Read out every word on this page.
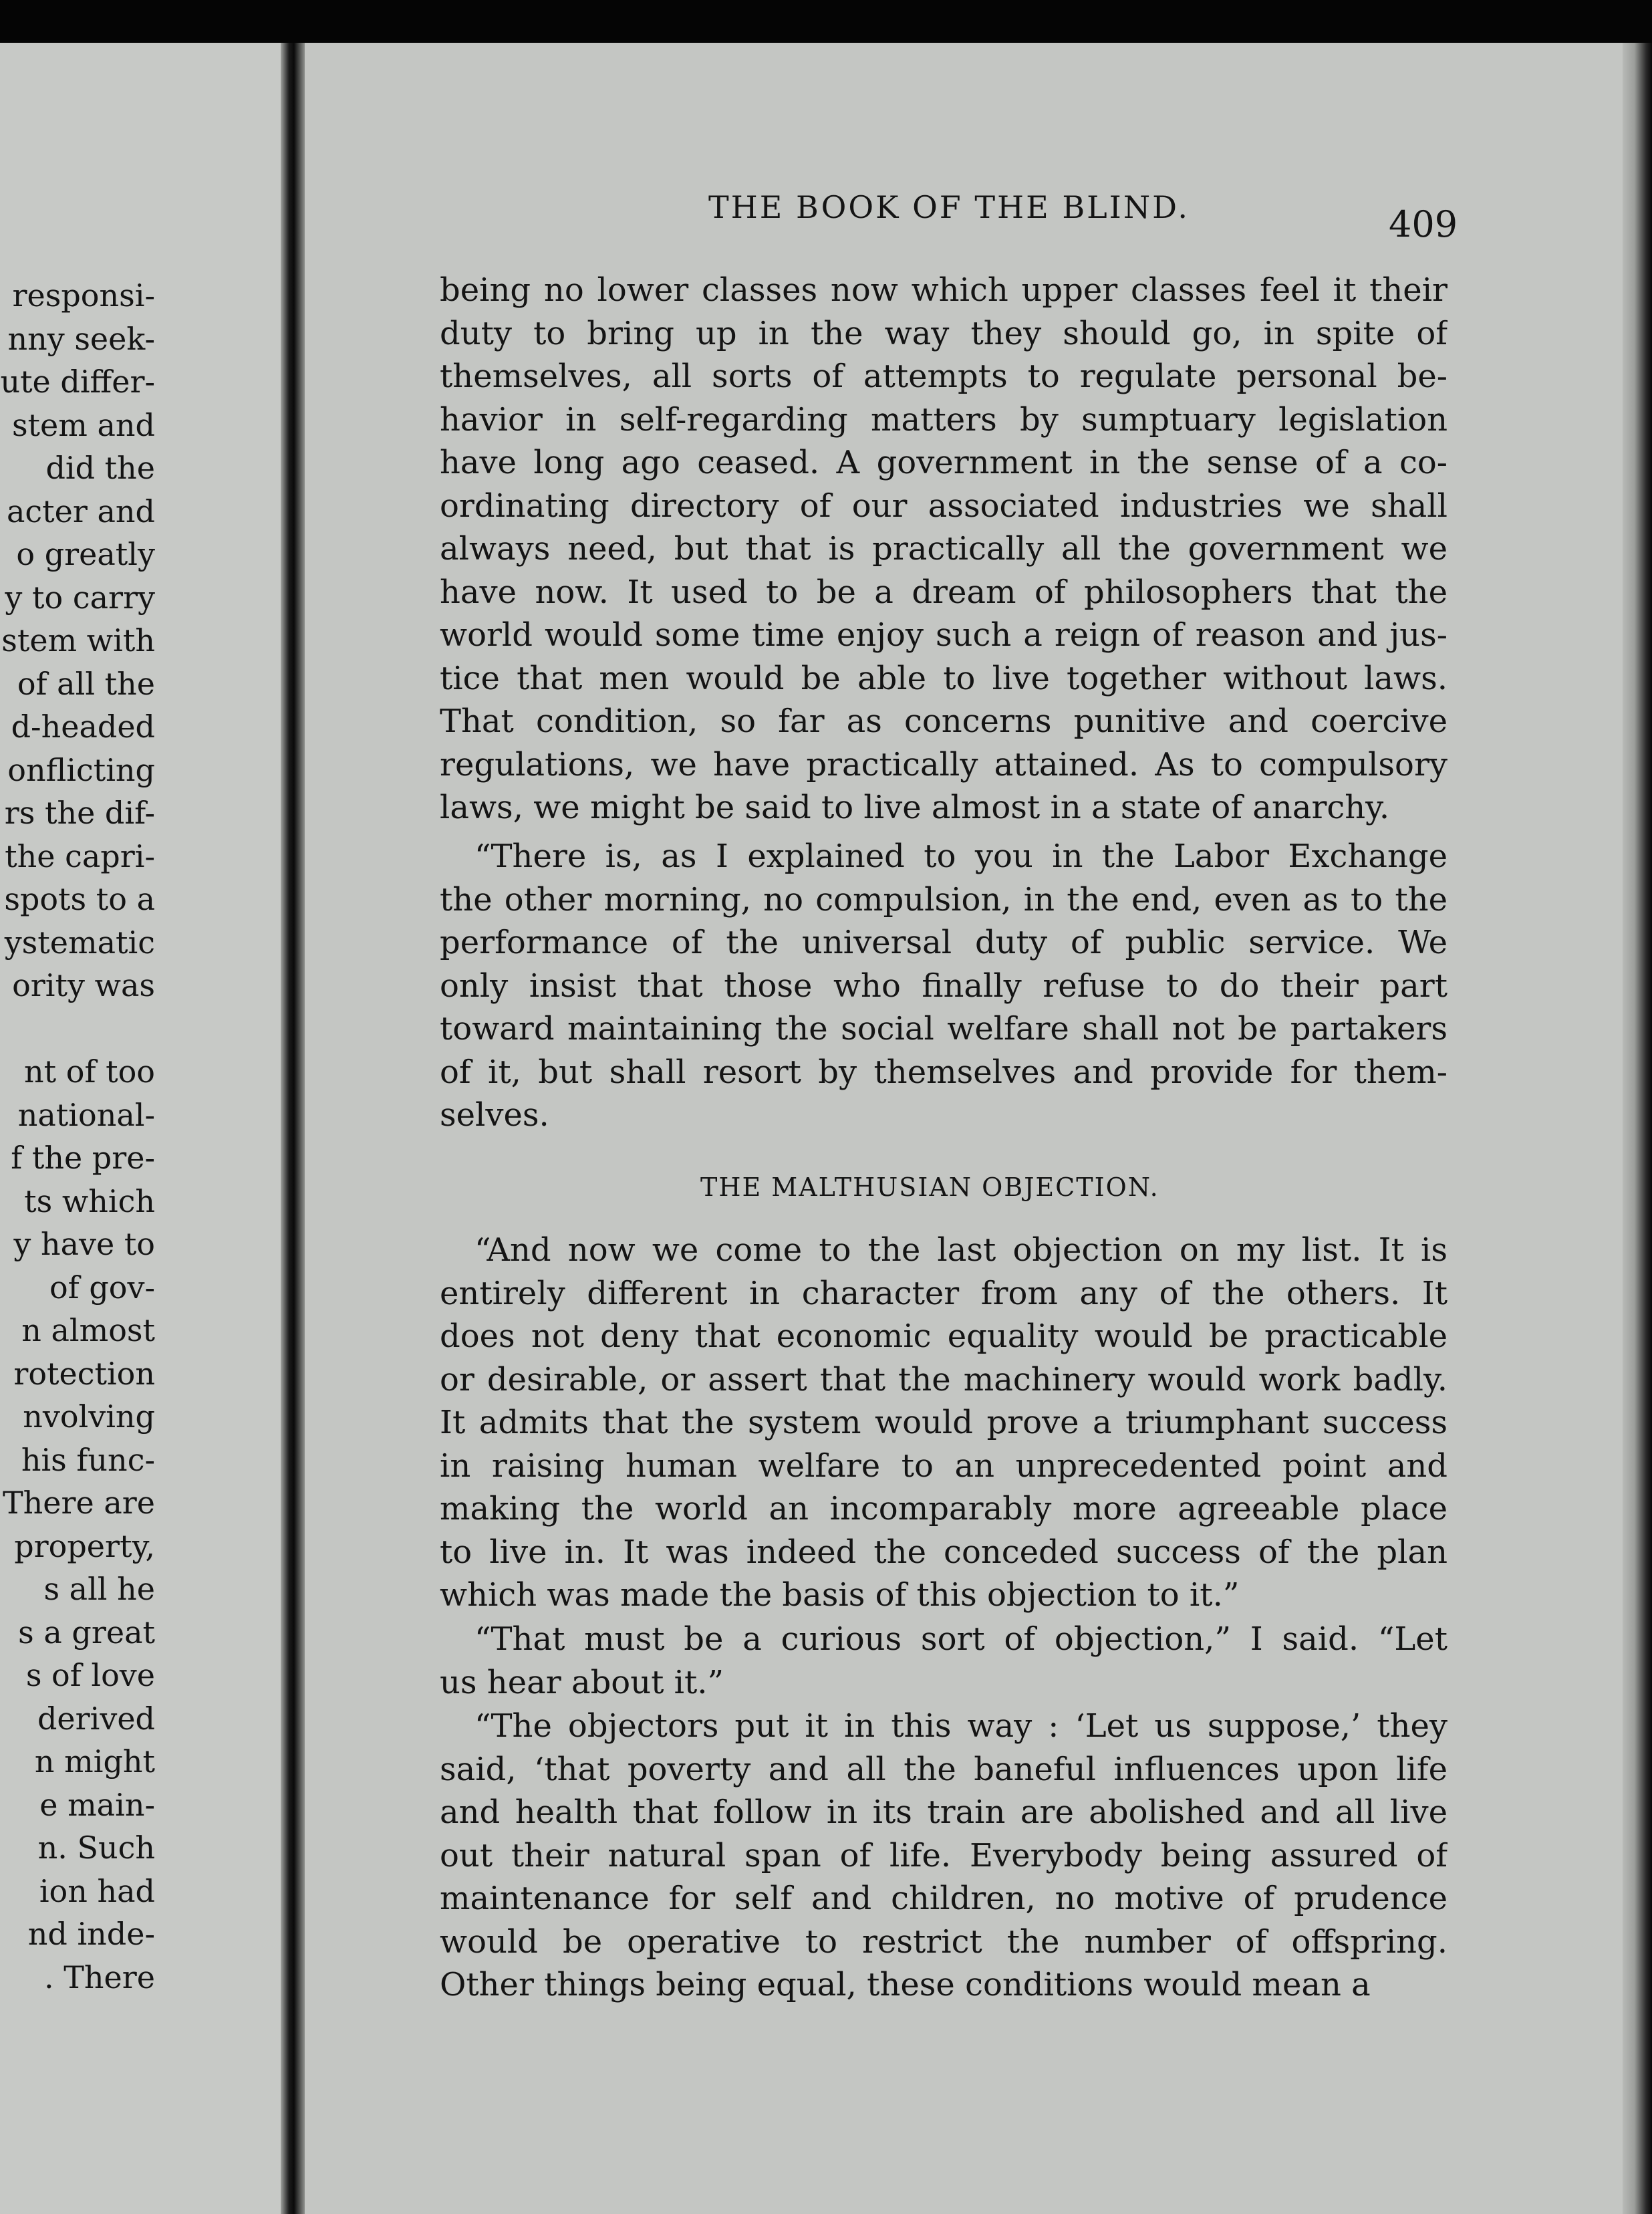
responsi-
nny seek-
ute differ-
stem and
did the
acter and
o greatly
y to carry
stem with
of all the
d-headed
onflicting
rs the dif-
the capri-
spots to a
ystematic
ority was
nt of too
national-
f the pre-
ts which
y have to
of gov-
n almost
rotection
nvolving
his func-
There are
property,
s all he
s a great
s of love
derived
n might
e main-
n. Such
ion had
nd inde-
. There
THE BOOK OF THE BLIND.	409
being no lower classes now which upper classes feel it their
duty to bring up in the way they should go, in spite of
themselves, all sorts of attempts to regulate personal be-
havior in self-regarding matters by sumptuary legislation
have long ago ceased. A government in the sense of a co-
ordinating directory of our associated industries we shall
always need, but that is practically all the government we
have now. It used to be a dream of philosophers that the
world would some time enjoy such a reign of reason and jus-
tice that men would be able to live together without laws.
That condition, so far as concerns punitive and coercive
regulations, we have practically attained. As to compulsory
laws, we might be said to live almost in a state of anarchy.
“There is, as I explained to you in the Labor Exchange
the other morning, no compulsion, in the end, even as to the
performance of the universal duty of public service. We
only insist that those who finally refuse to do their part
toward maintaining the social welfare shall not be partakers
of it, but shall resort by themselves and provide for them-
selves.
THE MALTHUSIAN OBJECTION.
“And now we come to the last objection on my list. It is
entirely different in character from any of the others. It
does not deny that economic equality would be practicable
or desirable, or assert that the machinery would work badly.
It admits that the system would prove a triumphant success
in raising human welfare to an unprecedented point and
making the world an incomparably more agreeable place
to live in. It was indeed the conceded success of the plan
which was made the basis of this objection to it.”
“That must be a curious sort of objection,” I said. “Let
us hear about it.”
“The objectors put it in this way : ‘Let us suppose,’ they
said, ‘that poverty and all the baneful influences upon life
and health that follow in its train are abolished and all live
out their natural span of life. Everybody being assured of
maintenance for self and children, no motive of prudence
would be operative to restrict the number of offspring.
Other things being equal, these conditions would mean a
